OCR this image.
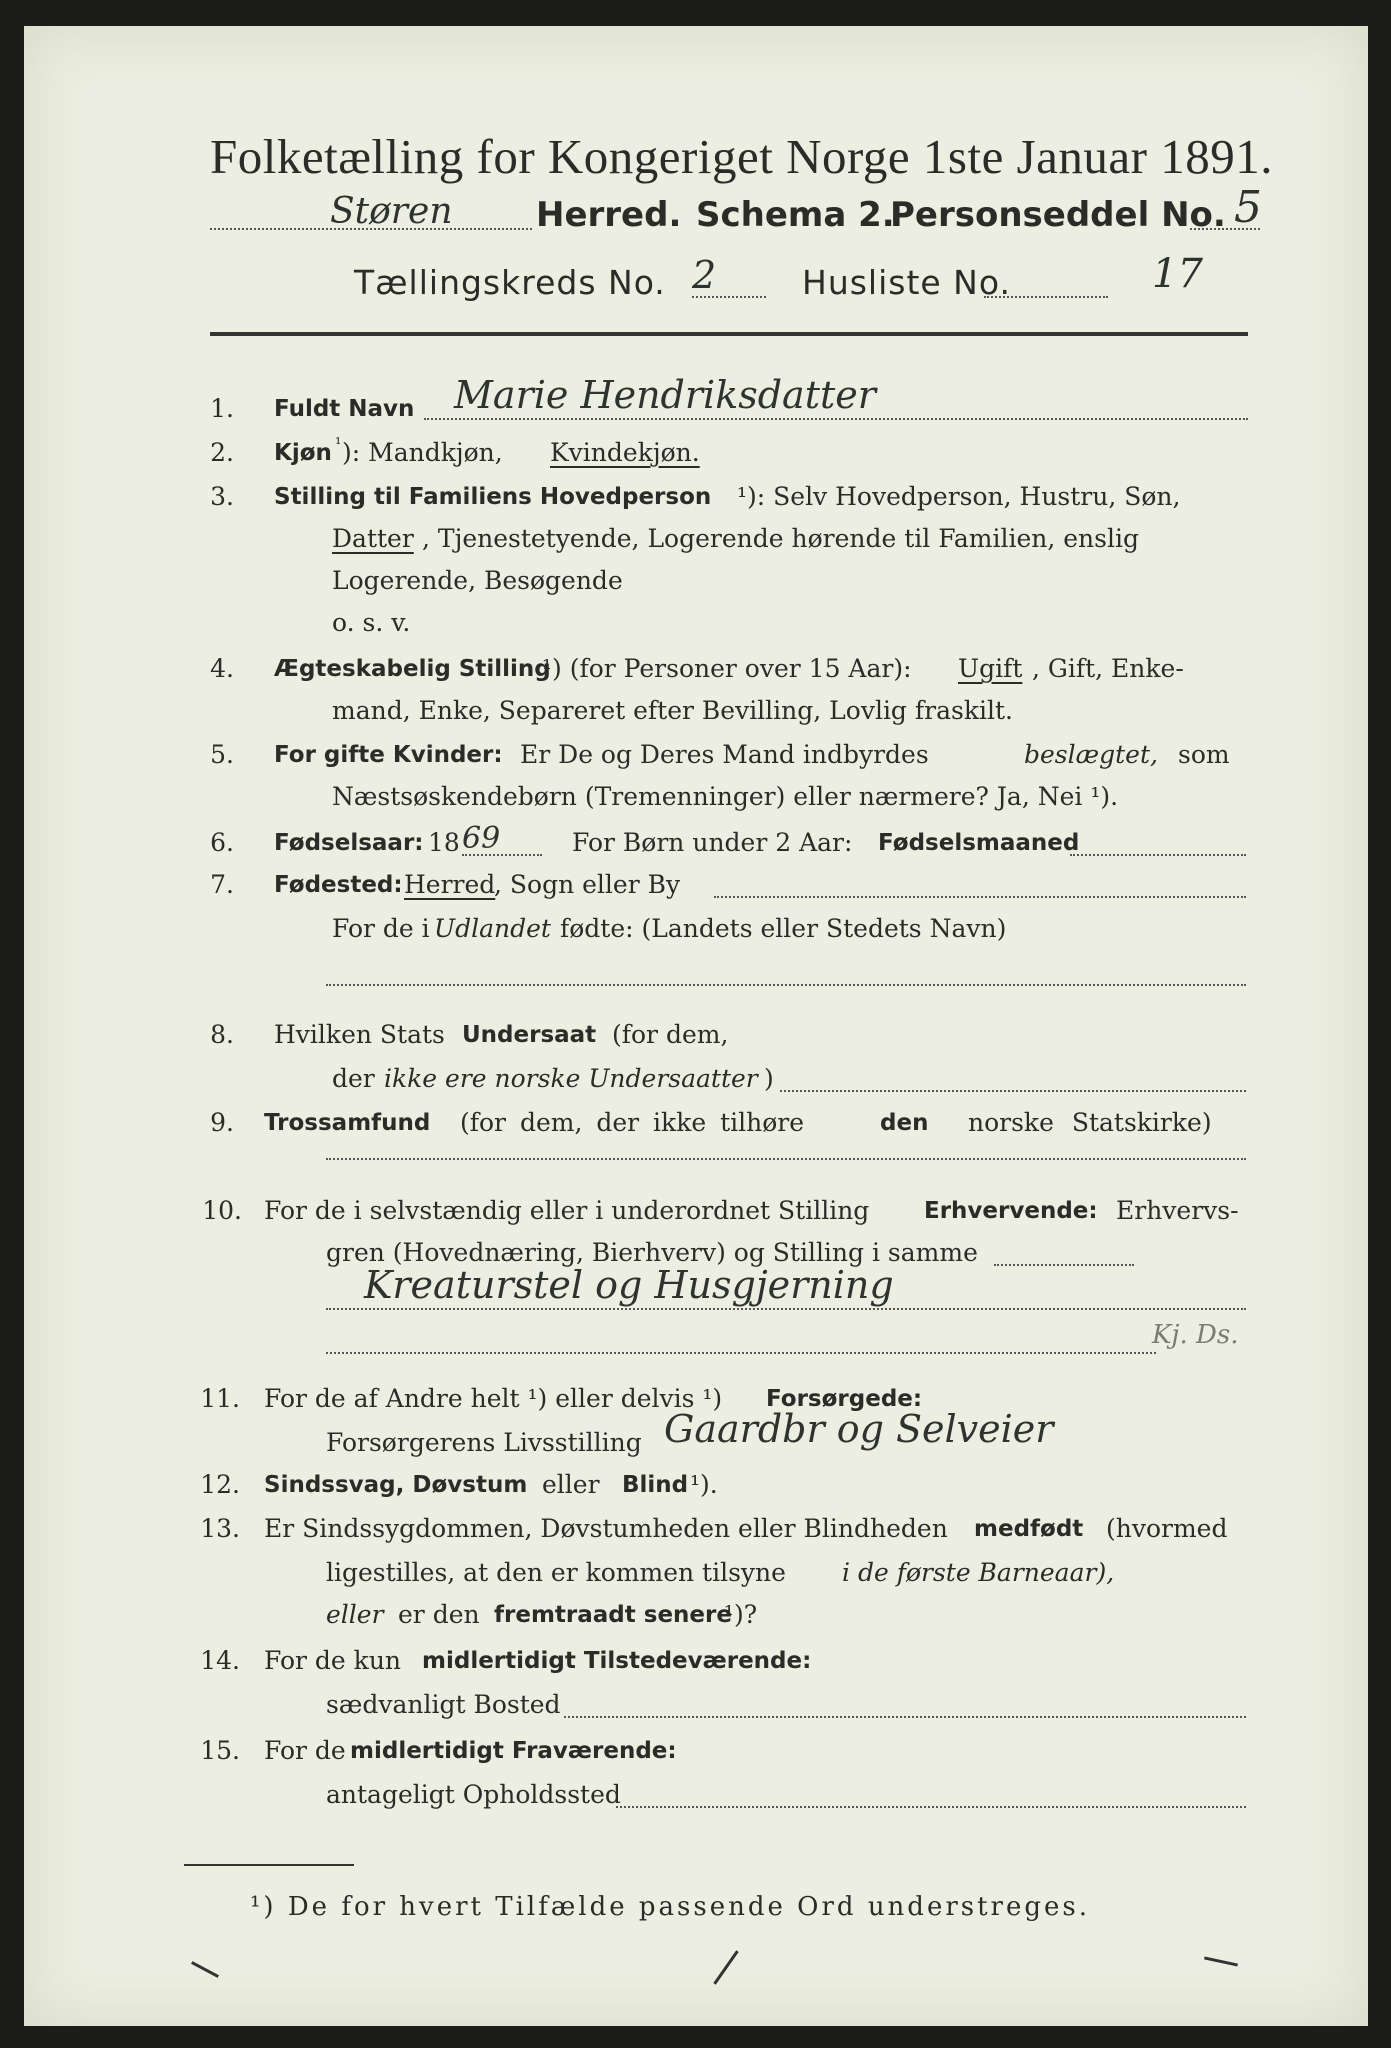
Folketælling for Kongeriget Norge 1ste Januar 1891.
Støren Herred. Schema 2.
Personseddel No. 5
Tællingskreds No. 2	Husliste No.	17
1. Fuldt Navn Marie Hendriksdatter
2. Kjøn ¹ ): Mandkjøn, Kvindekjøn.
3. Stilling til Familiens Hovedperson ¹): Selv Hovedperson, Hustru, Søn,
Datter , Tjenestetyende, Logerende hørende til Familien, enslig
Logerende, Besøgende
o. s. v.
4. Ægteskabelig Stilling
¹) (for Personer over 15 Aar): Ugift , Gift, Enke-
mand, Enke, Separeret efter Bevilling, Lovlig fraskilt.
5. For gifte Kvinder: Er De og Deres Mand indbyrdes	beslægtet, som
Næstsøskendebørn (Tremenninger) eller nærmere? Ja, Nei ¹).
6. Fødselsaar: 18 69	For Børn under 2 Aar: Fødselsmaaned
7. Fødested: Herred
, Sogn eller By
For de i Udlandet fødte: (Landets eller Stedets Navn)
8. Hvilken Stats Undersaat (for dem,
der ikke ere norske Undersaatter )
9. Trossamfund (for dem, der ikke tilhøre	den norske Statskirke)
10. For de i selvstændig eller i underordnet Stilling Erhvervende: Erhvervs-
gren (Hovednæring, Bierhverv) og Stilling i samme
Kreaturstel og Husgjerning
Kj. Ds.
11. For de af Andre helt ¹) eller delvis ¹) Forsørgede:
Forsørgerens Livsstilling Gaardbr og Selveier
12. Sindssvag, Døvstum eller Blind ¹).
13. Er Sindssygdommen, Døvstumheden eller Blindheden medfødt (hvormed
ligestilles, at den er kommen tilsyne i de første Barneaar),
eller er den fremtraadt senere
¹)?
14. For de kun midlertidigt Tilstedeværende:
sædvanligt Bosted
15. For de midlertidigt Fraværende:
antageligt Opholdssted
¹) De for hvert Tilfælde passende Ord understreges.
